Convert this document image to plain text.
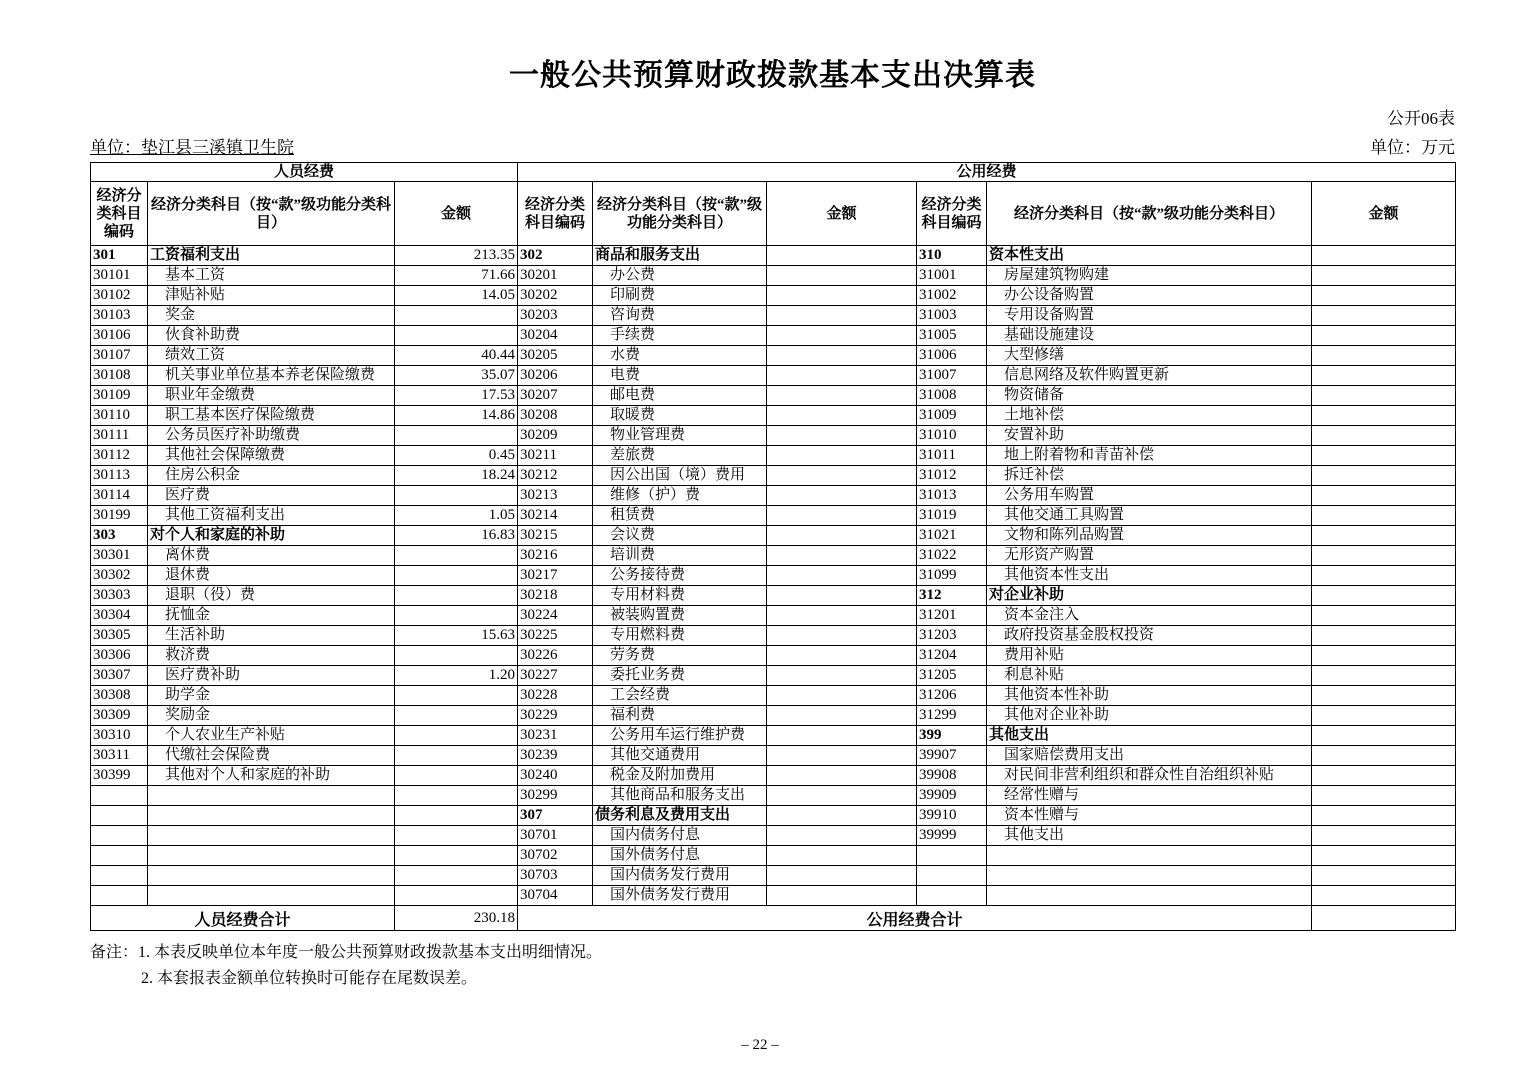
一般公共预算财政拨款基本支出决算表
公开06表
单位：垫江县三溪镇卫生院	单位：万元
人员经费			公用经费					
经济分类科目编码	经济分类科目（按“款”级功能分类科目）	金额	经济分类科目编码	经济分类科目（按“款”级功能分类科目）	金额	经济分类科目编码	经济分类科目（按“款”级功能分类科目）	金额
301	工资福利支出	213.35	302	商品和服务支出		310	资本性支出	
30101	基本工资	71.66	30201	办公费		31001	房屋建筑物购建	
30102	津贴补贴	14.05	30202	印刷费		31002	办公设备购置	
30103	奖金		30203	咨询费		31003	专用设备购置	
30106	伙食补助费		30204	手续费		31005	基础设施建设	
30107	绩效工资	40.44	30205	水费		31006	大型修缮	
30108	机关事业单位基本养老保险缴费	35.07	30206	电费		31007	信息网络及软件购置更新	
30109	职业年金缴费	17.53	30207	邮电费		31008	物资储备	
30110	职工基本医疗保险缴费	14.86	30208	取暖费		31009	土地补偿	
30111	公务员医疗补助缴费		30209	物业管理费		31010	安置补助	
30112	其他社会保障缴费	0.45	30211	差旅费		31011	地上附着物和青苗补偿	
30113	住房公积金	18.24	30212	因公出国（境）费用		31012	拆迁补偿	
30114	医疗费		30213	维修（护）费		31013	公务用车购置	
30199	其他工资福利支出	1.05	30214	租赁费		31019	其他交通工具购置	
303	对个人和家庭的补助	16.83	30215	会议费		31021	文物和陈列品购置	
30301	离休费		30216	培训费		31022	无形资产购置	
30302	退休费		30217	公务接待费		31099	其他资本性支出	
30303	退职（役）费		30218	专用材料费		312	对企业补助	
30304	抚恤金		30224	被装购置费		31201	资本金注入	
30305	生活补助	15.63	30225	专用燃料费		31203	政府投资基金股权投资	
30306	救济费		30226	劳务费		31204	费用补贴	
30307	医疗费补助	1.20	30227	委托业务费		31205	利息补贴	
30308	助学金		30228	工会经费		31206	其他资本性补助	
30309	奖励金		30229	福利费		31299	其他对企业补助	
30310	个人农业生产补贴		30231	公务用车运行维护费		399	其他支出	
30311	代缴社会保险费		30239	其他交通费用		39907	国家赔偿费用支出	
30399	其他对个人和家庭的补助		30240	税金及附加费用		39908	对民间非营利组织和群众性自治组织补贴	
			30299	其他商品和服务支出		39909	经常性赠与	
			307	债务利息及费用支出		39910	资本性赠与	
			30701	国内债务付息		39999	其他支出	
			30702	国外债务付息				
			30703	国内债务发行费用				
			30704	国外债务发行费用				
人员经费合计		230.18	公用经费合计					
备注：1. 本表反映单位本年度一般公共预算财政拨款基本支出明细情况。
2. 本套报表金额单位转换时可能存在尾数误差。
– 22 –
